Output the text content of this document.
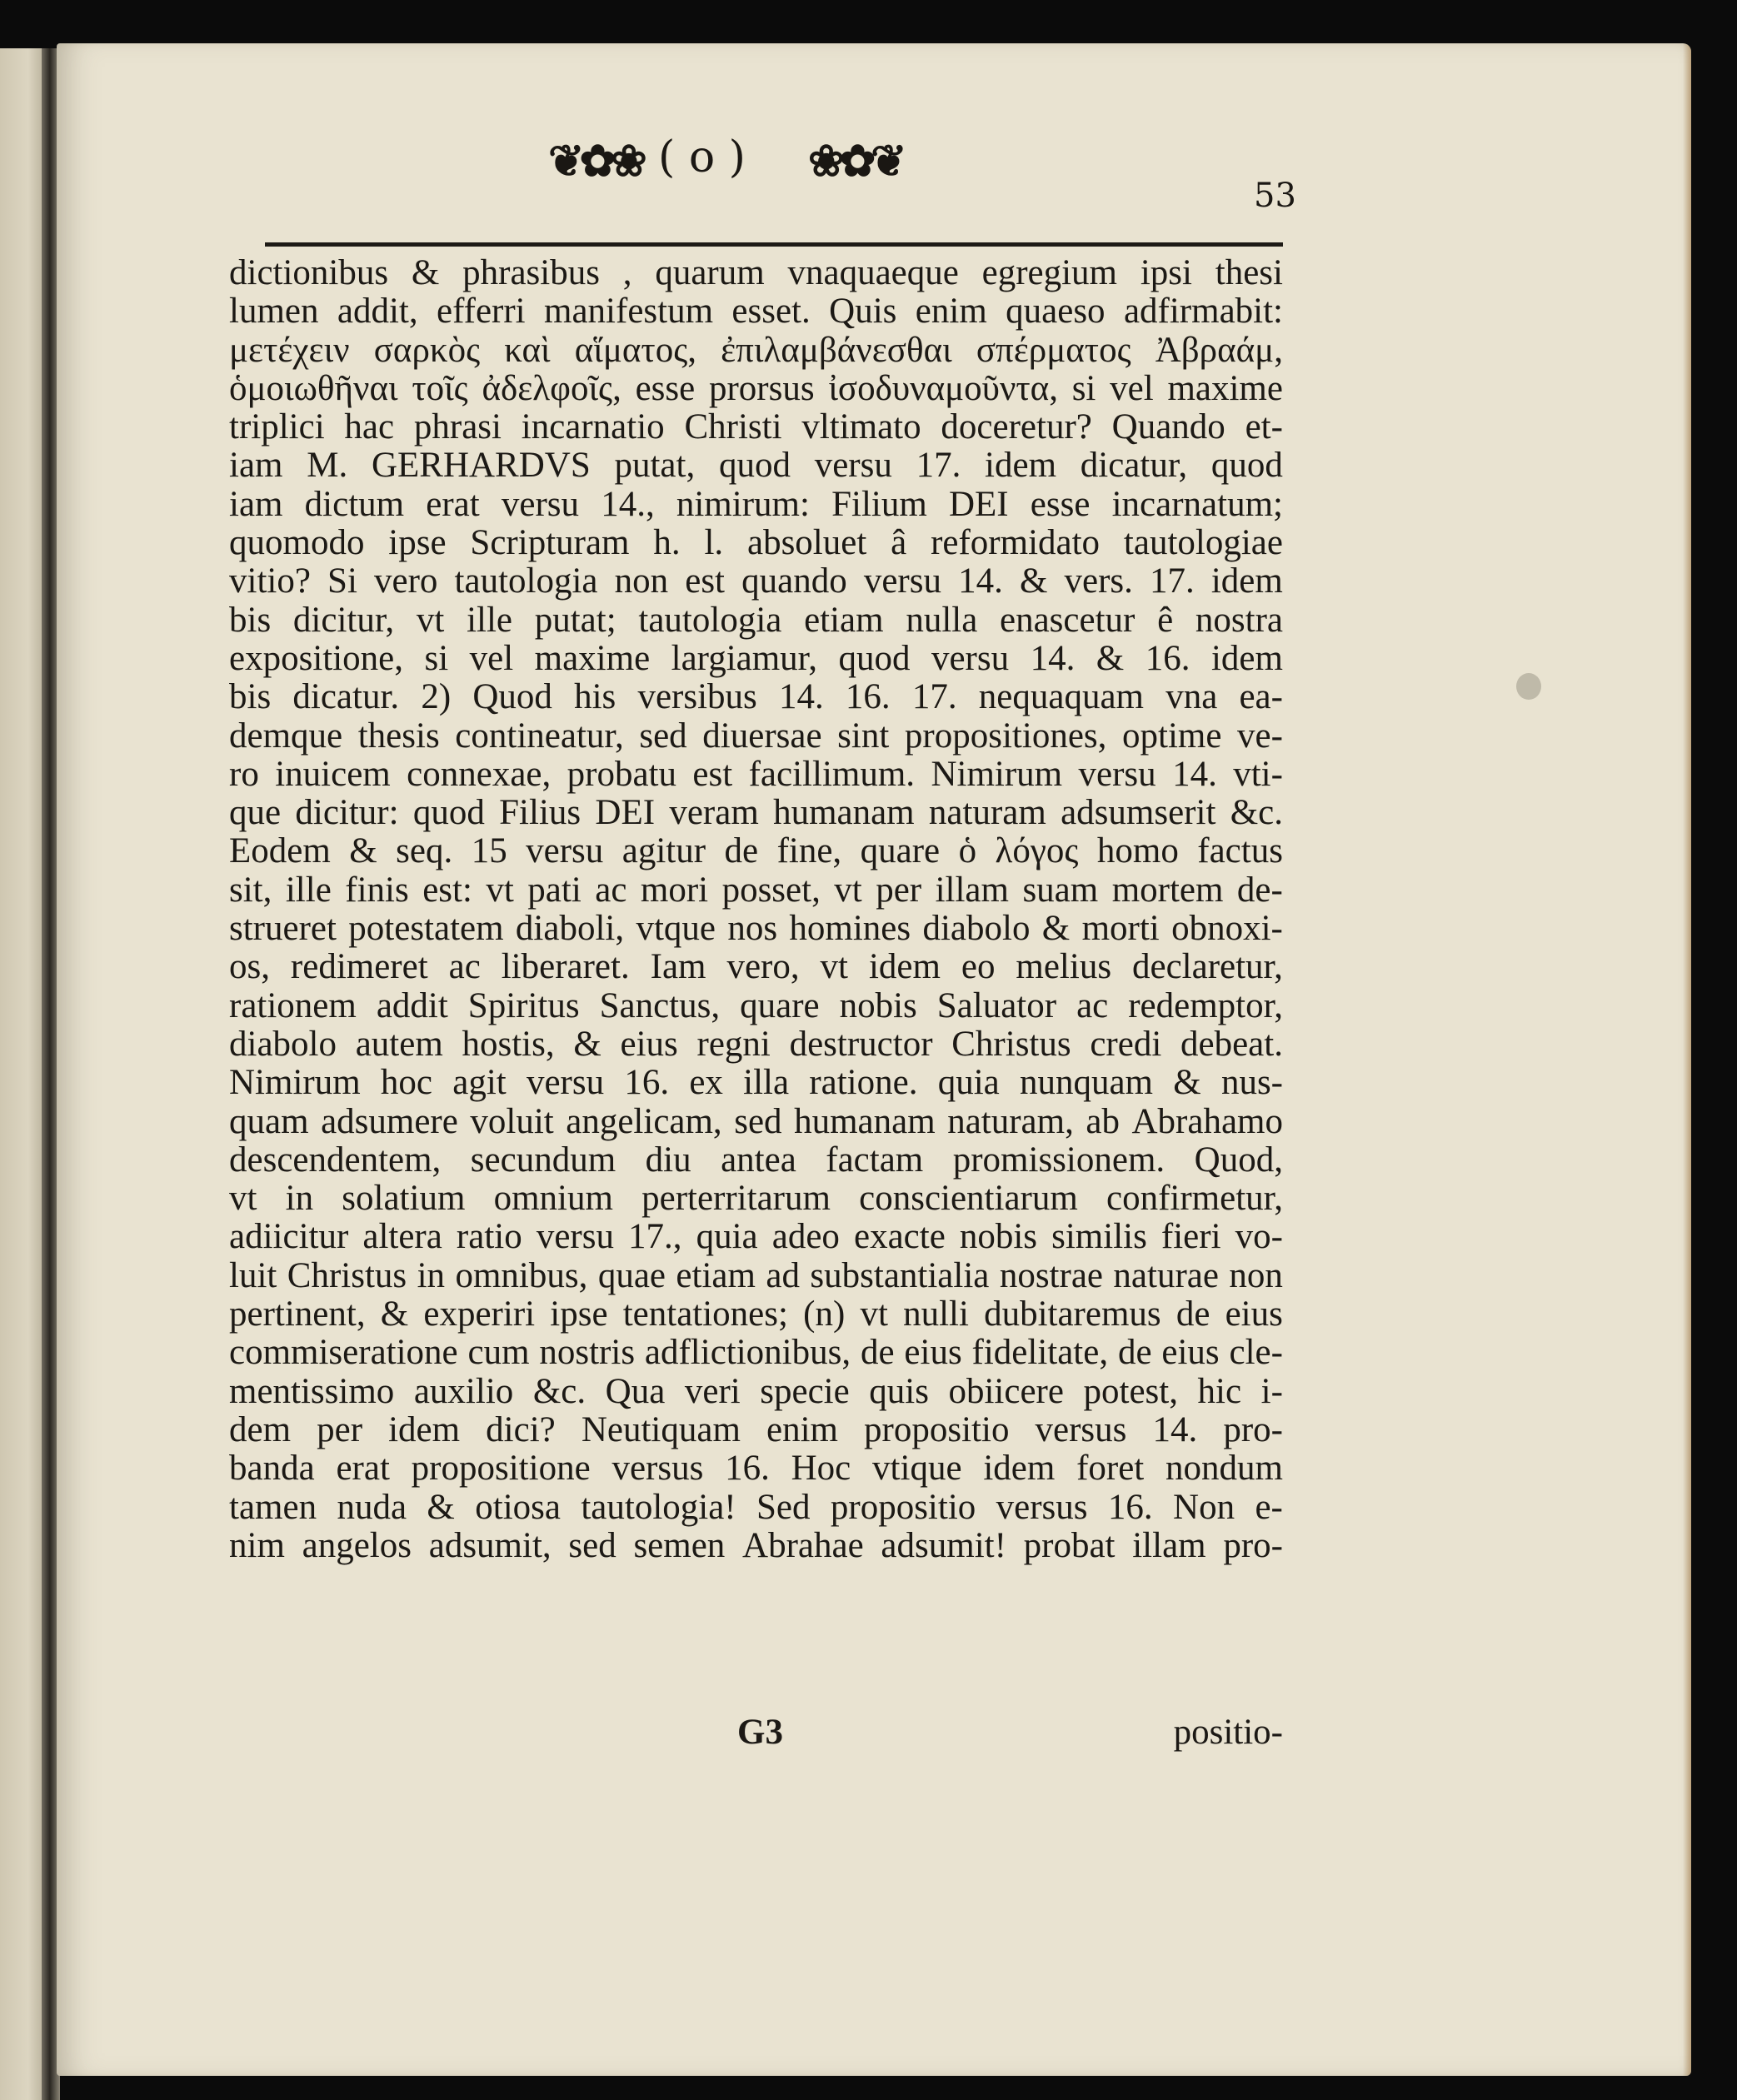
❦✿❀ ( o ) ❀✿❦
53
dictionibus & phrasibus , quarum vnaquaeque egregium ipsi thesi
lumen addit, efferri manifestum esset. Quis enim quaeso adfirmabit:
μετέχειν σαρκὸς καὶ αἵματος, ἐπιλαμβάνεσθαι σπέρματος Ἀβραάμ,
ὁμοιωθῆναι τοῖς ἀδελφοῖς, esse prorsus ἰσοδυναμοῦντα, si vel maxime
triplici hac phrasi incarnatio Christi vltimato doceretur? Quando et-
iam M. GERHARDVS putat, quod versu 17. idem dicatur, quod
iam dictum erat versu 14., nimirum: Filium DEI esse incarnatum;
quomodo ipse Scripturam h. l. absoluet â reformidato tautologiae
vitio? Si vero tautologia non est quando versu 14. & vers. 17. idem
bis dicitur, vt ille putat; tautologia etiam nulla enascetur ê nostra
expositione, si vel maxime largiamur, quod versu 14. & 16. idem
bis dicatur. 2) Quod his versibus 14. 16. 17. nequaquam vna ea-
demque thesis contineatur, sed diuersae sint propositiones, optime ve-
ro inuicem connexae, probatu est facillimum. Nimirum versu 14. vti-
que dicitur: quod Filius DEI veram humanam naturam adsumserit &c.
Eodem & seq. 15 versu agitur de fine, quare ὁ λόγος homo factus
sit, ille finis est: vt pati ac mori posset, vt per illam suam mortem de-
strueret potestatem diaboli, vtque nos homines diabolo & morti obnoxi-
os, redimeret ac liberaret. Iam vero, vt idem eo melius declaretur,
rationem addit Spiritus Sanctus, quare nobis Saluator ac redemptor,
diabolo autem hostis, & eius regni destructor Christus credi debeat.
Nimirum hoc agit versu 16. ex illa ratione. quia nunquam & nus-
quam adsumere voluit angelicam, sed humanam naturam, ab Abrahamo
descendentem, secundum diu antea factam promissionem. Quod,
vt in solatium omnium perterritarum conscientiarum confirmetur,
adiicitur altera ratio versu 17., quia adeo exacte nobis similis fieri vo-
luit Christus in omnibus, quae etiam ad substantialia nostrae naturae non
pertinent, & experiri ipse tentationes; (n) vt nulli dubitaremus de eius
commiseratione cum nostris adflictionibus, de eius fidelitate, de eius cle-
mentissimo auxilio &c. Qua veri specie quis obiicere potest, hic i-
dem per idem dici? Neutiquam enim propositio versus 14. pro-
banda erat propositione versus 16. Hoc vtique idem foret nondum
tamen nuda & otiosa tautologia! Sed propositio versus 16. Non e-
nim angelos adsumit, sed semen Abrahae adsumit! probat illam pro-
G3	positio-
